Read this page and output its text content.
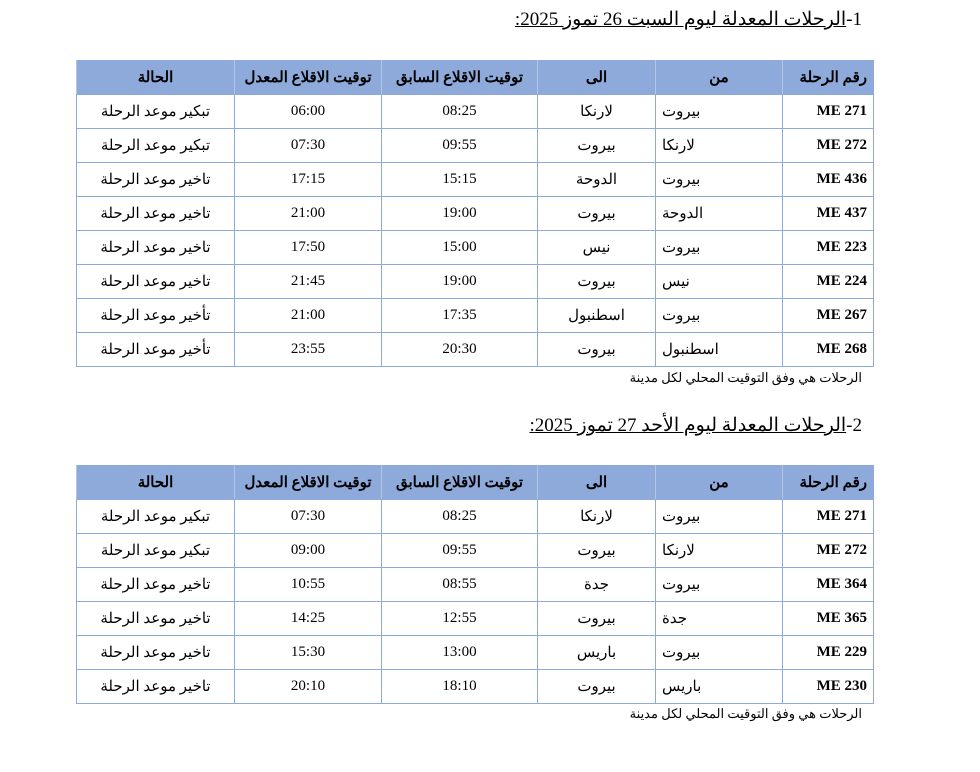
1-الرحلات المعدلة ليوم السبت 26 تموز 2025:
رقم الرحلة	من	الى	توقيت الاقلاع السابق	توقيت الاقلاع المعدل	الحالة
ME 271	بيروت	لارنكا	08:25	06:00	تبكير موعد الرحلة
ME 272	لارنكا	بيروت	09:55	07:30	تبكير موعد الرحلة
ME 436	بيروت	الدوحة	15:15	17:15	تاخير موعد الرحلة
ME 437	الدوحة	بيروت	19:00	21:00	تاخير موعد الرحلة
ME 223	بيروت	نيس	15:00	17:50	تاخير موعد الرحلة
ME 224	نيس	بيروت	19:00	21:45	تاخير موعد الرحلة
ME 267	بيروت	اسطنبول	17:35	21:00	تأخير موعد الرحلة
ME 268	اسطنبول	بيروت	20:30	23:55	تأخير موعد الرحلة
الرحلات هي وفق التوقيت المحلي لكل مدينة
2-الرحلات المعدلة ليوم الأحد 27 تموز 2025:
رقم الرحلة	من	الى	توقيت الاقلاع السابق	توقيت الاقلاع المعدل	الحالة
ME 271	بيروت	لارنكا	08:25	07:30	تبكير موعد الرحلة
ME 272	لارنكا	بيروت	09:55	09:00	تبكير موعد الرحلة
ME 364	بيروت	جدة	08:55	10:55	تاخير موعد الرحلة
ME 365	جدة	بيروت	12:55	14:25	تاخير موعد الرحلة
ME 229	بيروت	باريس	13:00	15:30	تاخير موعد الرحلة
ME 230	باريس	بيروت	18:10	20:10	تاخير موعد الرحلة
الرحلات هي وفق التوقيت المحلي لكل مدينة
